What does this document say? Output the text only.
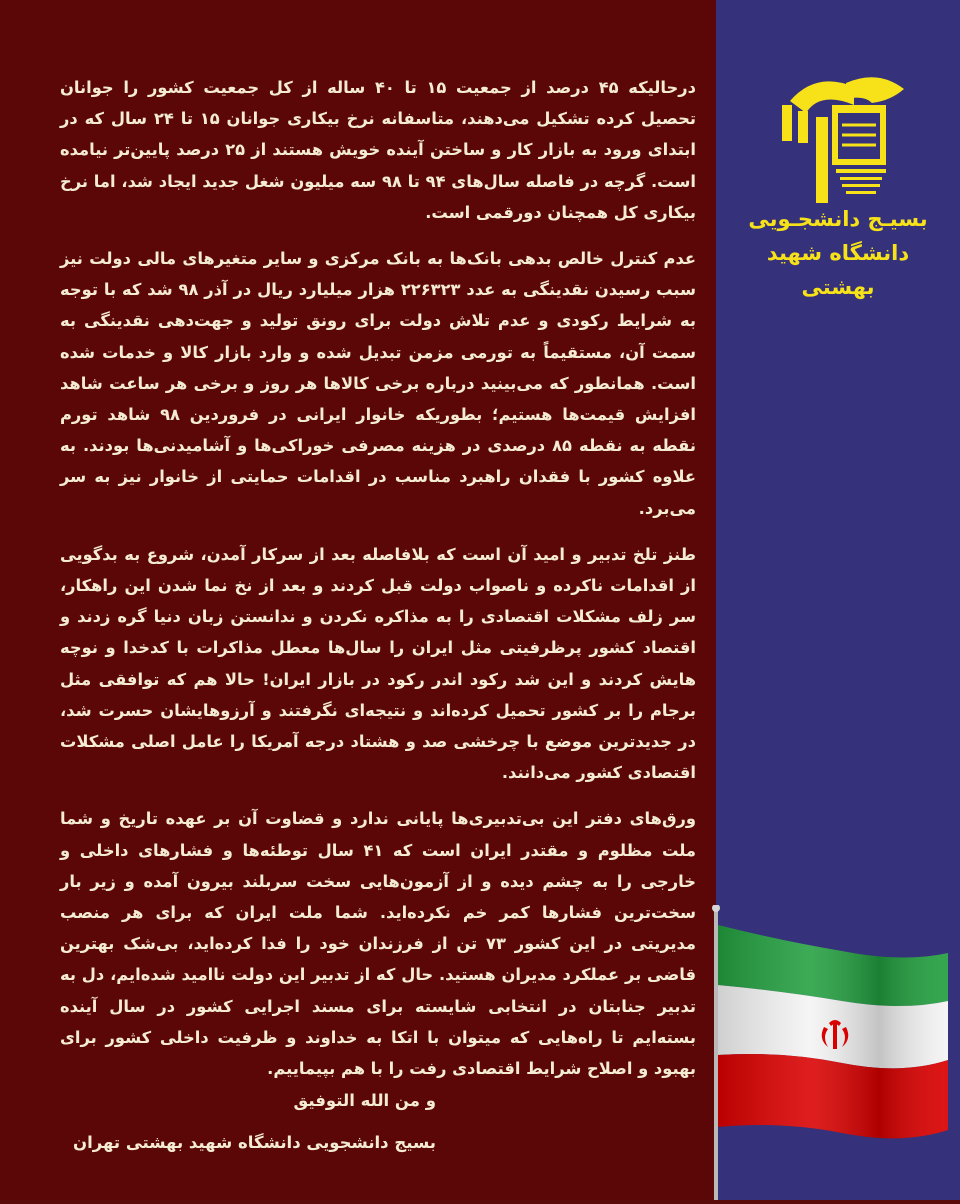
درحالیکه ۴۵ درصد از جمعیت ۱۵ تا ۴۰ ساله از کل جمعیت کشور را جوانان تحصیل کرده تشکیل می‌دهند، متاسفانه نرخ بیکاری جوانان ۱۵ تا ۲۴ سال که در ابتدای ورود به بازار کار و ساختن آینده خویش هستند از ۲۵ درصد پایین‌تر نیامده است. گرچه در فاصله سال‌های ۹۴ تا ۹۸ سه میلیون شغل جدید ایجاد شد، اما نرخ بیکاری کل همچنان دورقمی است.

عدم کنترل خالص بدهی بانک‌ها به بانک مرکزی و سایر متغیرهای مالی دولت نیز سبب رسیدن نقدینگی به عدد ۲۲۶۳۲۳ هزار میلیارد ریال در آذر ۹۸ شد که با توجه به شرایط رکودی و عدم تلاش دولت برای رونق تولید و جهت‌دهی نقدینگی به سمت آن، مستقیماً به تورمی مزمن تبدیل شده و وارد بازار کالا و خدمات شده است. همانطور که می‌بینید درباره برخی کالاها هر روز و برخی هر ساعت شاهد افزایش قیمت‌ها هستیم؛ بطوریکه خانوار ایرانی در فروردین ۹۸ شاهد تورم نقطه به نقطه ۸۵ درصدی در هزینه مصرفی خوراکی‌ها و آشامیدنی‌ها بودند. به علاوه کشور با فقدان راهبرد مناسب در اقدامات حمایتی از خانوار نیز به سر می‌برد.

طنز تلخ تدبیر و امید آن است که بلافاصله بعد از سرکار آمدن، شروع به بدگویی از اقدامات ناکرده و ناصواب دولت قبل کردند و بعد از نخ نما شدن این راهکار، سر زلف مشکلات اقتصادی را به مذاکره نکردن و ندانستن زبان دنیا گره زدند و اقتصاد کشور پرظرفیتی مثل ایران را سال‌ها معطل مذاکرات با کدخدا و نوچه هایش کردند و این شد رکود اندر رکود در بازار ایران! حالا هم که توافقی مثل برجام را بر کشور تحمیل کرده‌اند و نتیجه‌ای نگرفتند و آرزوهایشان حسرت شد، در جدیدترین موضع با چرخشی صد و هشتاد درجه آمریکا را عامل اصلی مشکلات اقتصادی کشور می‌دانند.

ورق‌های دفتر این بی‌تدبیری‌ها پایانی ندارد و قضاوت آن بر عهده تاریخ و شما ملت مظلوم و مقتدر ایران است که ۴۱ سال توطئه‌ها و فشارهای داخلی و خارجی را به چشم دیده و از آزمون‌هایی سخت سربلند بیرون آمده و زیر بار سخت‌ترین فشارها کمر خم نکرده‌اید. شما ملت ایران که برای هر منصب مدیریتی در این کشور ۷۳ تن از فرزندان خود را فدا کرده‌اید، بی‌شک بهترین قاضی بر عملکرد مدیران هستید. حال که از تدبیر این دولت ناامید شده‌ایم، دل به تدبیر جنابتان در انتخابی شایسته برای مسند اجرایی کشور در سال آینده بسته‌ایم تا راه‌هایی که میتوان با اتکا به خداوند و ظرفیت داخلی کشور برای بهبود و اصلاح شرایط اقتصادی رفت را با هم بپیماییم.

و من الله التوفیق
بسیج دانشجویی دانشگاه شهید بهشتی تهران
بسیـج دانشجـویی
دانشگاه شهید بهشتی
